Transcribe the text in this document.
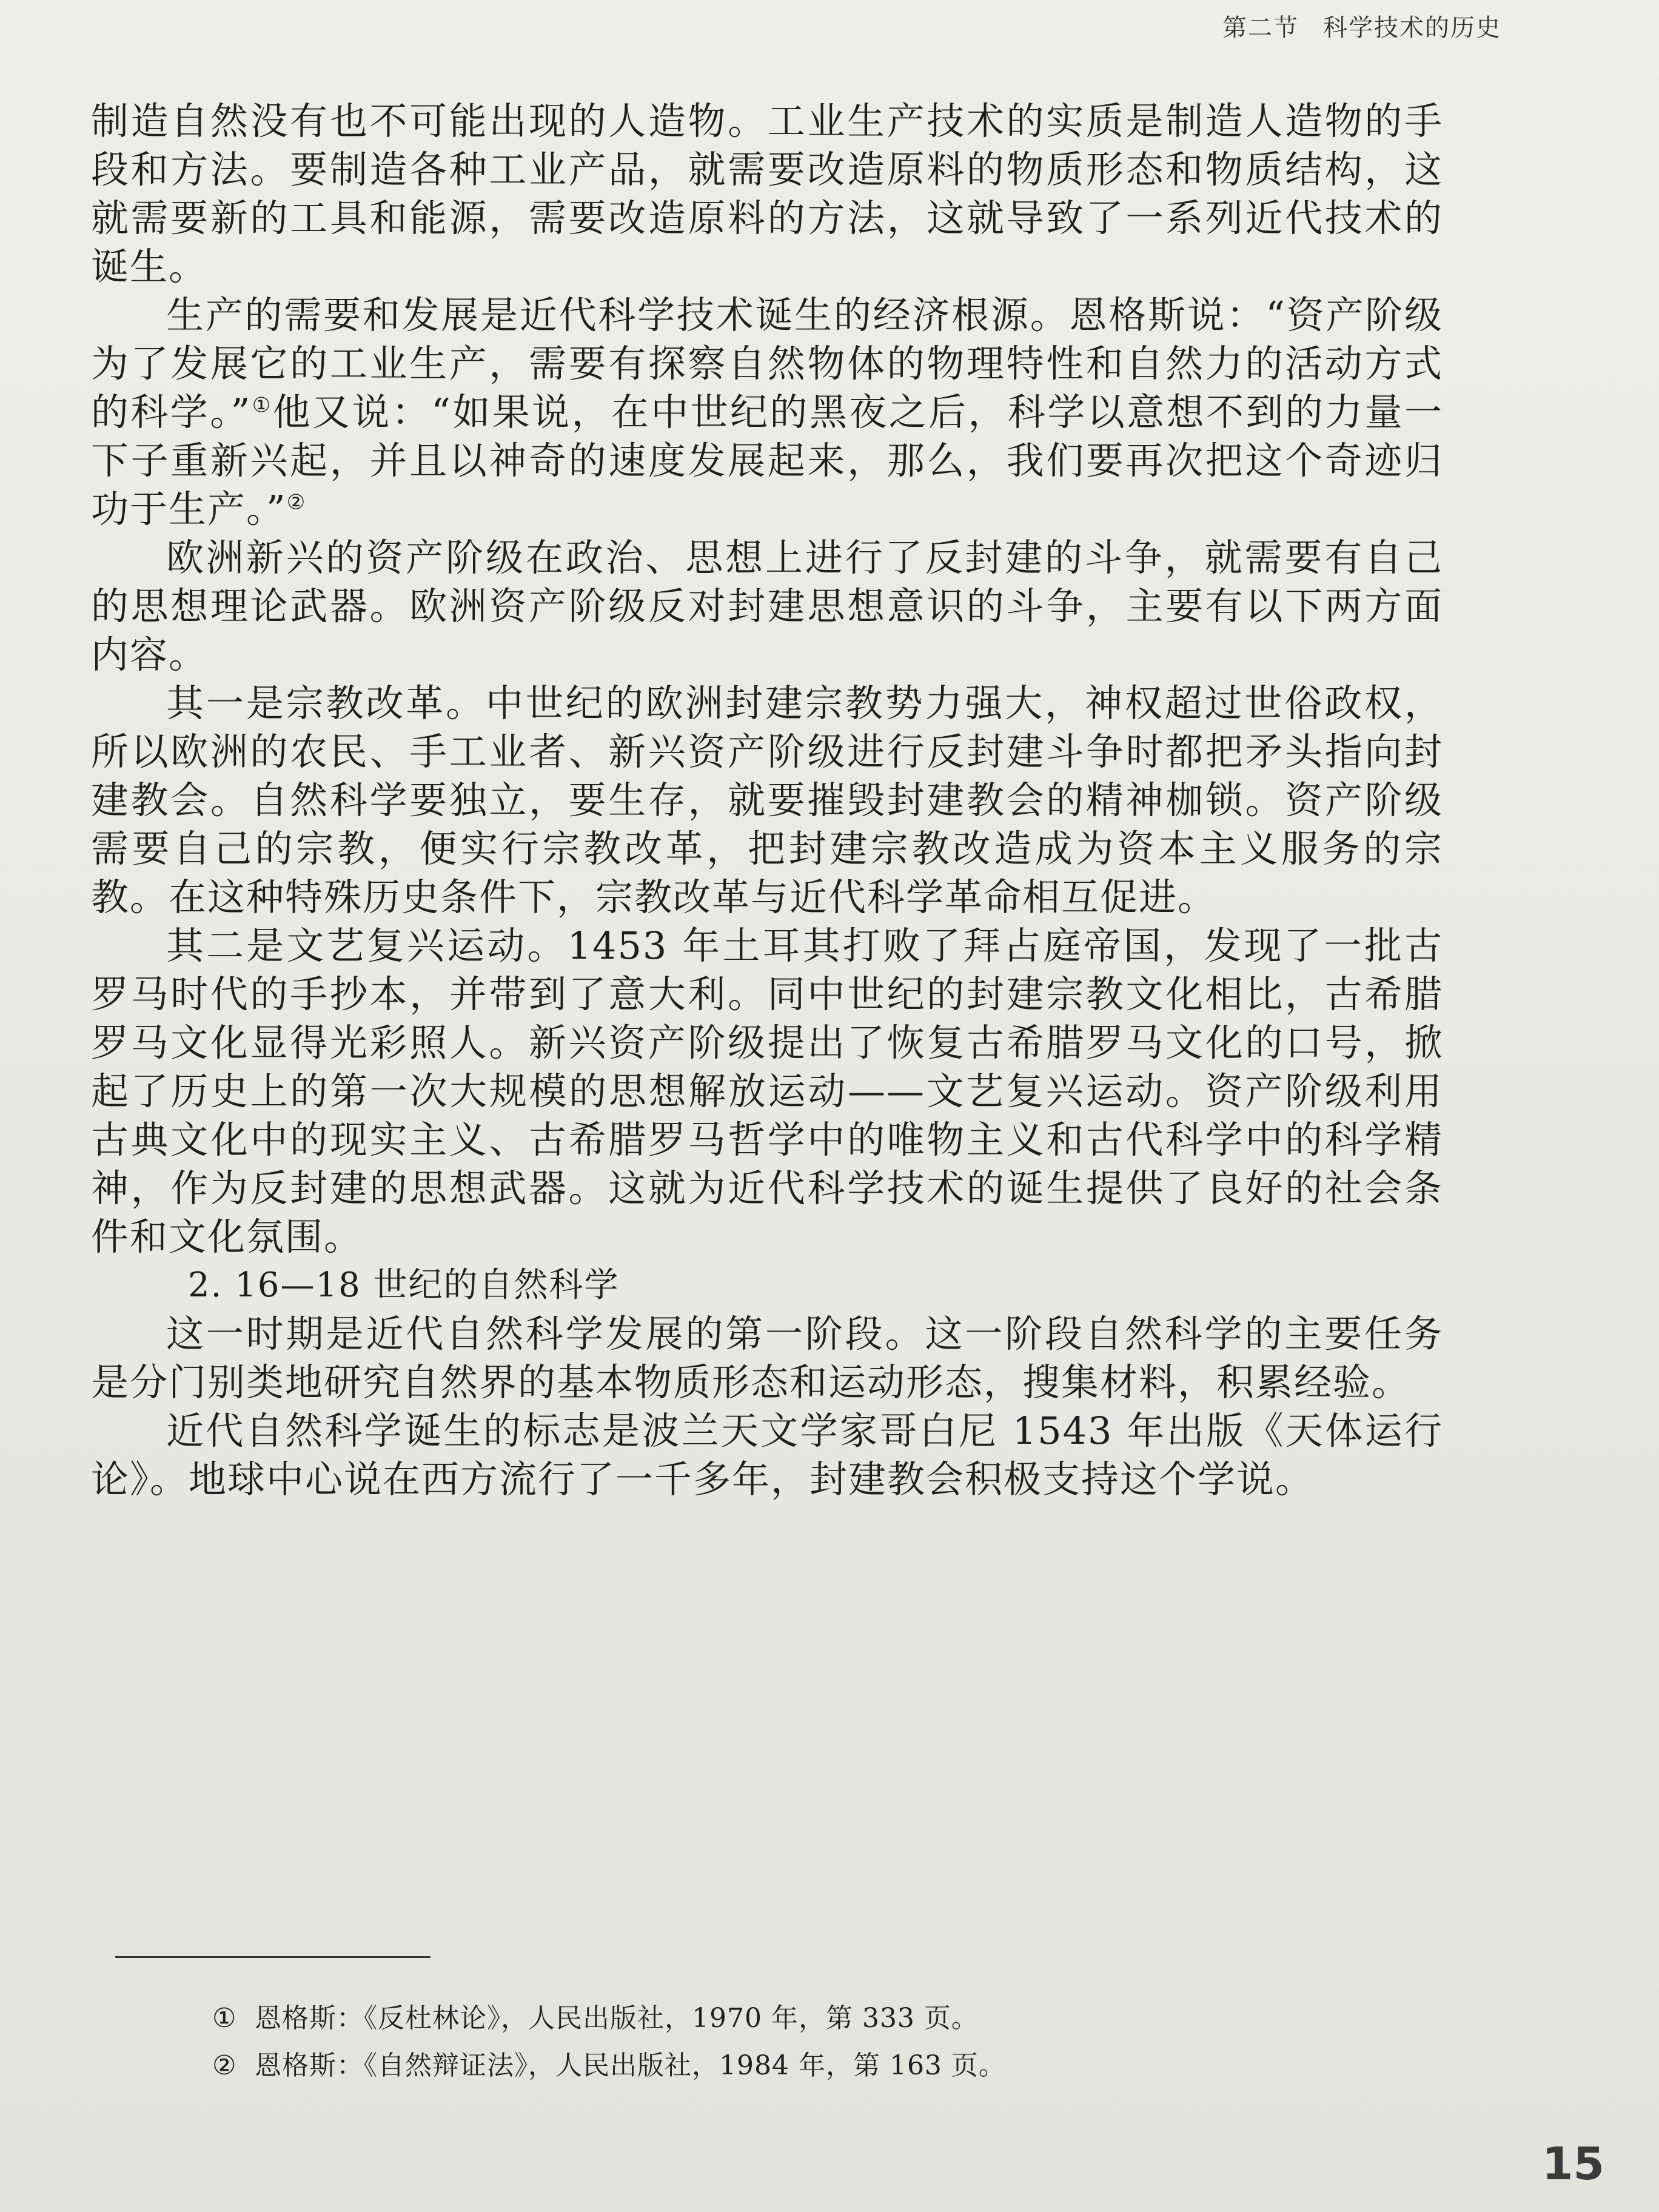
第二节 科学技术的历史

制造自然没有也不可能出现的人造物。工业生产技术的实质是制造人造物的手段和方法。要制造各种工业产品，就需要改造原料的物质形态和物质结构，这就需要新的工具和能源，需要改造原料的方法，这就导致了一系列近代技术的诞生。

生产的需要和发展是近代科学技术诞生的经济根源。恩格斯说：“资产阶级为了发展它的工业生产，需要有探察自然物体的物理特性和自然力的活动方式的科学。”①他又说：“如果说，在中世纪的黑夜之后，科学以意想不到的力量一下子重新兴起，并且以神奇的速度发展起来，那么，我们要再次把这个奇迹归功于生产。”②

欧洲新兴的资产阶级在政治、思想上进行了反封建的斗争，就需要有自己的思想理论武器。欧洲资产阶级反对封建思想意识的斗争，主要有以下两方面内容。

其一是宗教改革。中世纪的欧洲封建宗教势力强大，神权超过世俗政权，所以欧洲的农民、手工业者、新兴资产阶级进行反封建斗争时都把矛头指向封建教会。自然科学要独立，要生存，就要摧毁封建教会的精神枷锁。资产阶级需要自己的宗教，便实行宗教改革，把封建宗教改造成为资本主义服务的宗教。在这种特殊历史条件下，宗教改革与近代科学革命相互促进。

其二是文艺复兴运动。1453 年土耳其打败了拜占庭帝国，发现了一批古罗马时代的手抄本，并带到了意大利。同中世纪的封建宗教文化相比，古希腊罗马文化显得光彩照人。新兴资产阶级提出了恢复古希腊罗马文化的口号，掀起了历史上的第一次大规模的思想解放运动——文艺复兴运动。资产阶级利用古典文化中的现实主义、古希腊罗马哲学中的唯物主义和古代科学中的科学精神，作为反封建的思想武器。这就为近代科学技术的诞生提供了良好的社会条件和文化氛围。

2. 16—18 世纪的自然科学

这一时期是近代自然科学发展的第一阶段。这一阶段自然科学的主要任务是分门别类地研究自然界的基本物质形态和运动形态，搜集材料，积累经验。

近代自然科学诞生的标志是波兰天文学家哥白尼 1543 年出版《天体运行论》。地球中心说在西方流行了一千多年，封建教会积极支持这个学说。

① 恩格斯：《反杜林论》，人民出版社，1970 年，第 333 页。
② 恩格斯：《自然辩证法》，人民出版社，1984 年，第 163 页。
15
